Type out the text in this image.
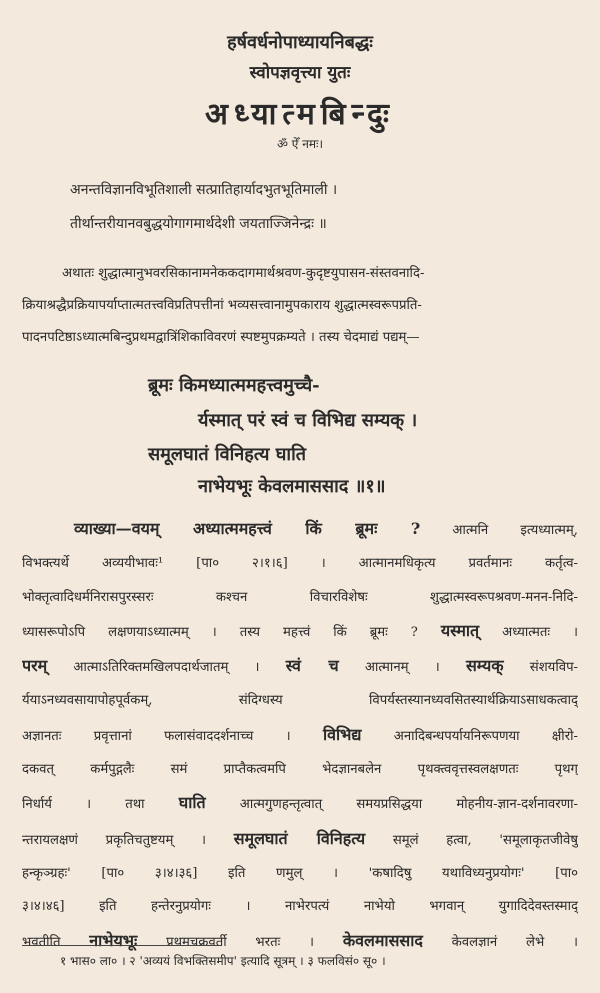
हर्षवर्धनोपाध्यायनिबद्धः
स्वोपज्ञवृत्त्या युतः
अध्यात्मबिन्दुः
ॐ ऐँ नमः।
अनन्तविज्ञानविभूतिशाली सत्प्रातिहार्यादभुतभूतिमाली ।
तीर्थान्तरीयानवबुद्धयोगागमार्थदेशी जयताज्जिनेन्द्रः ॥

अथातः शुद्धात्मानुभवरसिकानामनेककदागमार्थश्रवण-कुदृष्टयुपासन-संस्तवनादि-

क्रियाश्रद्धैप्रक्रियापर्याप्तात्मतत्त्वविप्रतिपत्तीनां भव्यसत्त्वानामुपकाराय शुद्धात्मस्वरूपप्रति-

पादनपटिष्ठाऽध्यात्मबिन्दुप्रथमद्वात्रिंशिकाविवरणं स्पष्टमुपक्रम्यते । तस्य चेदमाद्यं पद्यम्—

ब्रूमः किमध्यात्ममहत्त्वमुच्चै-
र्यस्मात् परं स्वं च विभिद्य सम्यक् ।
समूलघातं विनिहत्य घाति
नाभेयभूः केवलमाससाद ॥१॥
व्याख्या—वयम् अध्यात्ममहत्त्वं किं ब्रूमः ? आत्मनि इत्यध्यात्मम्,
विभक्त्यर्थे अव्ययीभावः¹ [पा० २।१।६] । आत्मानमधिकृत्य प्रवर्तमानः कर्तृत्व-
भोक्तृत्वादिधर्मनिरासपुरस्सरः कश्चन विचारविशेषः शुद्धात्मस्वरूपश्रवण-मनन-निदि-
ध्यासरूपोऽपि लक्षणयाऽध्यात्मम् । तस्य महत्त्वं किं ब्रूमः ? यस्मात् अध्यात्मतः ।
परम् आत्माऽतिरिक्तमखिलपदार्थजातम् । स्वं च आत्मानम् । सम्यक् संशयविप-
र्ययाऽनध्यवसायापोहपूर्वकम्, संदिग्धस्य विपर्यस्तस्यानध्यवसितस्यार्थक्रियाऽसाधकत्वाद्
अज्ञानतः प्रवृत्तानां फलासंवाददर्शनाच्च । विभिद्य अनादिबन्धपर्यायनिरूपणया क्षीरो-
दकवत् कर्मपुद्गलैः समं प्राप्तैकत्वमपि भेदज्ञानबलेन पृथक्त्ववृत्तस्वलक्षणतः पृथग्
निर्धार्य । तथा घाति आत्मगुणहन्तृत्वात् समयप्रसिद्धया मोहनीय-ज्ञान-दर्शनावरणा-
न्तरायलक्षणं प्रकृतिचतुष्टयम् । समूलघातं विनिहत्य समूलं हत्वा, 'समूलाकृतजीवेषु
हन्कृञ्ग्रहः' [पा० ३।४।३६] इति णमुल् । 'कषादिषु यथाविध्यनुप्रयोगः' [पा०
३।४।४६] इति हन्तेरनुप्रयोगः । नाभेरपत्यं नाभेयो भगवान् युगादिदेवस्तस्माद्
भवतीति नाभेयभूः प्रथमचक्रवर्ती भरतः । केवलमाससाद केवलज्ञानं लेभे ।
१ भास० ला० । २ 'अव्ययं विभक्तिसमीप' इत्यादि सूत्रम् । ३ फलविसं० सू० ।
